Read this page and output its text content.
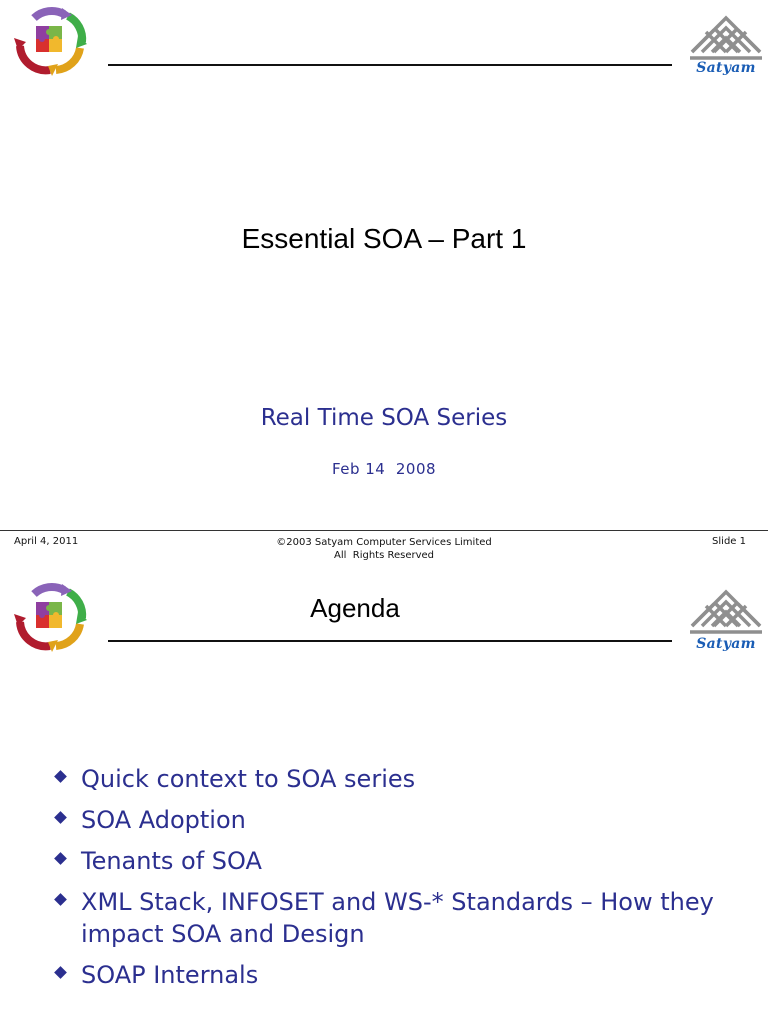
Satyam
Essential SOA – Part 1
Real Time SOA Series
Feb 14  2008
April 4, 2011	©2003 Satyam Computer Services Limited
All  Rights Reserved
Slide 1
Agenda
Satyam
Quick context to SOA series
SOA Adoption
Tenants of SOA
XML Stack, INFOSET and WS-* Standards – How they impact SOA and Design
SOAP Internals
